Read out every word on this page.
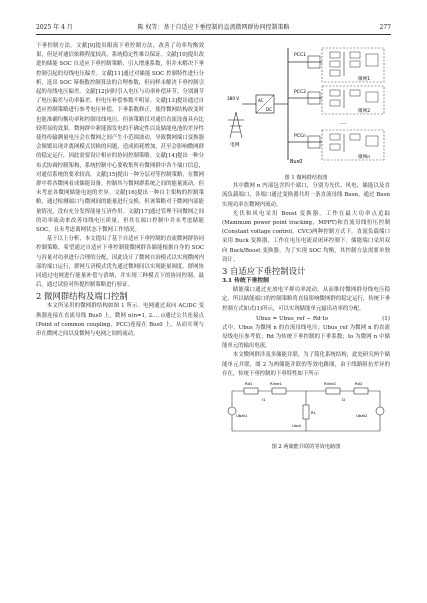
2025 年 4 月	陈 权等：基于自适应下垂控制的直流微网群协同控制策略	277

下垂控制方法。文献[9]提出限流下垂控制方法，改善了功率均衡效果，但是对通信依赖程度较高，系统稳定性难以保证。文献[10]提出改进的储能 SOC 自适应下垂控制策略，引入增速系数，但并未解决下垂控制引起的母线电压偏差。文献[11]通过对储能 SOC 控制特性进行分析，选出 SOC 幂指数控制算法的合理参数，但同样未解决下垂控制引起的母线电压偏差。文献[12]同时引入电压与功率补偿环节，分别调节了电压偏差与功率偏差，但电压补偿参数不明显。文献[13]提出通过自适应控制策略进行参考电压补偿、下垂系数修正，使得微网结构改变时也能准确均衡功率和控制母线电压，但该策略仅对通信直流设备具有比较明显的效果。微网群中新能源发电的不确定性以及储能电池的差异性使得传输测量电压会在微网之间产生小范围波动，导致微网端口变换器会频繁出现并离网模式切换的问题，造成损耗增加，甚至会影响微网群的稳定运行，因此需要设计相应的协同控制策略。文献[14]提出一种分布式协调控制架构，系统控制中心要收集所有微网群中各个端口信息，对通信系统的要求较高。文献[15]提出一种分层对等控制策略，在微网群中将各微网看成储能设备，控制其与微网群系统之间的能量流动，但未考虑各微网储能电池的差异。文献[16]提出一种自主架构的控制策略，通过检测端口与微网间的能量进行交换，但该策略对于微网内部能量情况，没有充分发挥能量互济作用。文献[17]通过管理不同微网之间的功率流动来改善母线电压质量，但其在端口控制中并未考虑储能 SOC，且未考虑离网状态下微网工作情况。

基于以上分析，本文提出了基于自适应下垂控制的直流微网群协同控制策略，希望通过自适应下垂控制使微网群各储能根据自身的 SOC 与容量对功率进行合理的分配，因此设计了微网自治模式以实现微网内部的端口运行，群网互济模式优先通过微网间以实现能量调度，群网协同通过电网进行能量补偿与消纳，并实现三种模式下的协同控制，最后，通过试验对所提控制策略进行验证。

2 微网群结构及端口控制

本文所采用的微网群结构如图 1 所示。电网通过双向 AC/DC 变换器连接在直流母线 Bus0 上，微网 n(n=1, 2…, i)通过公共连接点(Point of common coupling，PCC)连接在 Bus0 上，从而实现与串在微网之间以及微网与电网之间的流动。

Bus0
AC
DC
380 V
电网
PCC1
微网1
PCC2
微网2
…
PCCn
微网n
图 1 微网群结构图

其中微网 n 内部包含四个端口，分别为光伏、风电、储能以及直流负载端口，各端口通过变换器共用一条直流母线 Busn，通过 Busn 实现功率在微网内流动。

光伏和风电采用 Boost 变换器。工作在最大功率点追踪(Maximum power point tracking，MPPT)和直流母线恒压控制(Constant voltage control，CVC)两种控制方式下。直流负载端口采用 Buck 变换器，工作在电压电流双闭环控制下。储能端口采用双向 Buck/Boost 变换器，为了实现 SOC 均衡，其控制方法需要单独设计。

3 自适应下垂控制设计

3.1 传统下垂控制

储能端口通过充放电平抑功率波动，从而维持微网群母线电压稳定，所以储能端口的控制策略将直接影响微网群的稳定运行，传统下垂控制方式如式(1)所示，可以实现储能单元输出功率的分配。

Ubus = Ubus_ref − Rd·Io	(1)

式中，Ubus 为微网 n 的直流母线电压；Ubus_ref 为微网 n 的直流母线电压参考值；Rd 为传统下垂控制的下垂系数；Io 为微网 n 中储能单元的输出电流。

本文微网群涉及多储能并联，为了简化系统结构，此处研究两个储能单元并联，图 2 为两储能并联的等效电路图，由于线路阻抗差异的存在，传统下垂控制的下垂特性如下所示

Ubat1	Ubat2
Rd1	Rline1	Rline2	Rd2
I1	I2
RL
Uout
图 2 两储能并联的等效电路图
